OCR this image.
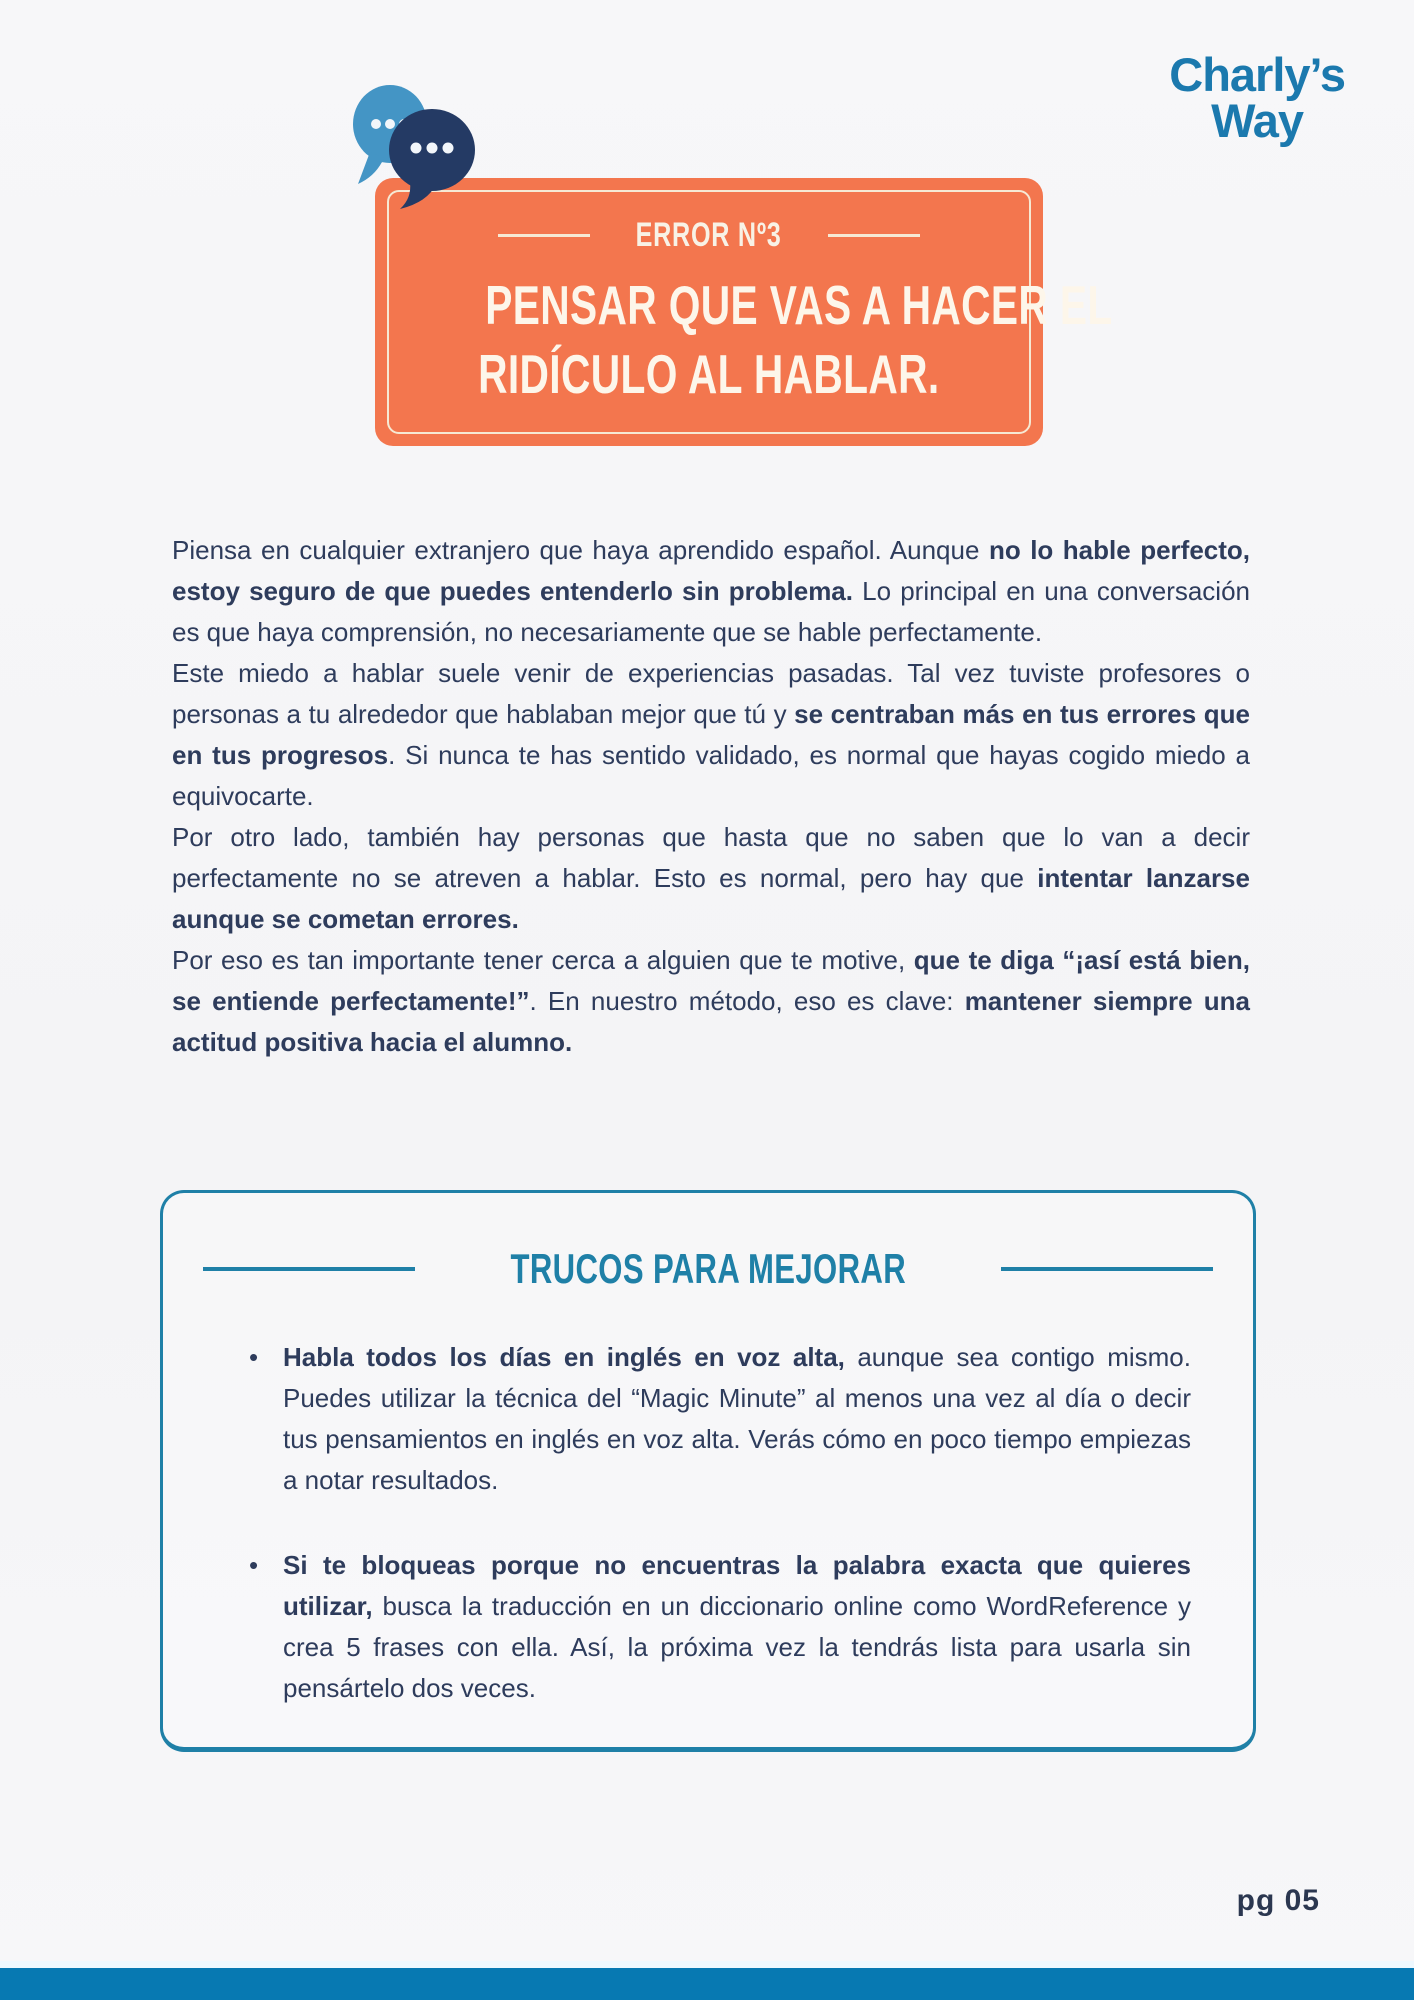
Charly’s
Way
ERROR Nº3
PENSAR QUE VAS A HACER EL
RIDÍCULO AL HABLAR.

Piensa en cualquier extranjero que haya aprendido español. Aunque no lo hable perfecto, estoy seguro de que puedes entenderlo sin problema. Lo principal en una conversación es que haya comprensión, no necesariamente que se hable perfectamente.

Este miedo a hablar suele venir de experiencias pasadas. Tal vez tuviste profesores o personas a tu alrededor que hablaban mejor que tú y se centraban más en tus errores que en tus progresos. Si nunca te has sentido validado, es normal que hayas cogido miedo a equivocarte.

Por otro lado, también hay personas que hasta que no saben que lo van a decir perfectamente no se atreven a hablar. Esto es normal, pero hay que intentar lanzarse aunque se cometan errores.

Por eso es tan importante tener cerca a alguien que te motive, que te diga “¡así está bien, se entiende perfectamente!”. En nuestro método, eso es clave: mantener siempre una actitud positiva hacia el alumno.

TRUCOS PARA MEJORAR
• Habla todos los días en inglés en voz alta, aunque sea contigo mismo. Puedes utilizar la técnica del “Magic Minute” al menos una vez al día o decir tus pensamientos en inglés en voz alta. Verás cómo en poco tiempo empiezas a notar resultados.
• Si te bloqueas porque no encuentras la palabra exacta que quieres utilizar, busca la traducción en un diccionario online como WordReference y crea 5 frases con ella. Así, la próxima vez la tendrás lista para usarla sin pensártelo dos veces.
pg 05
